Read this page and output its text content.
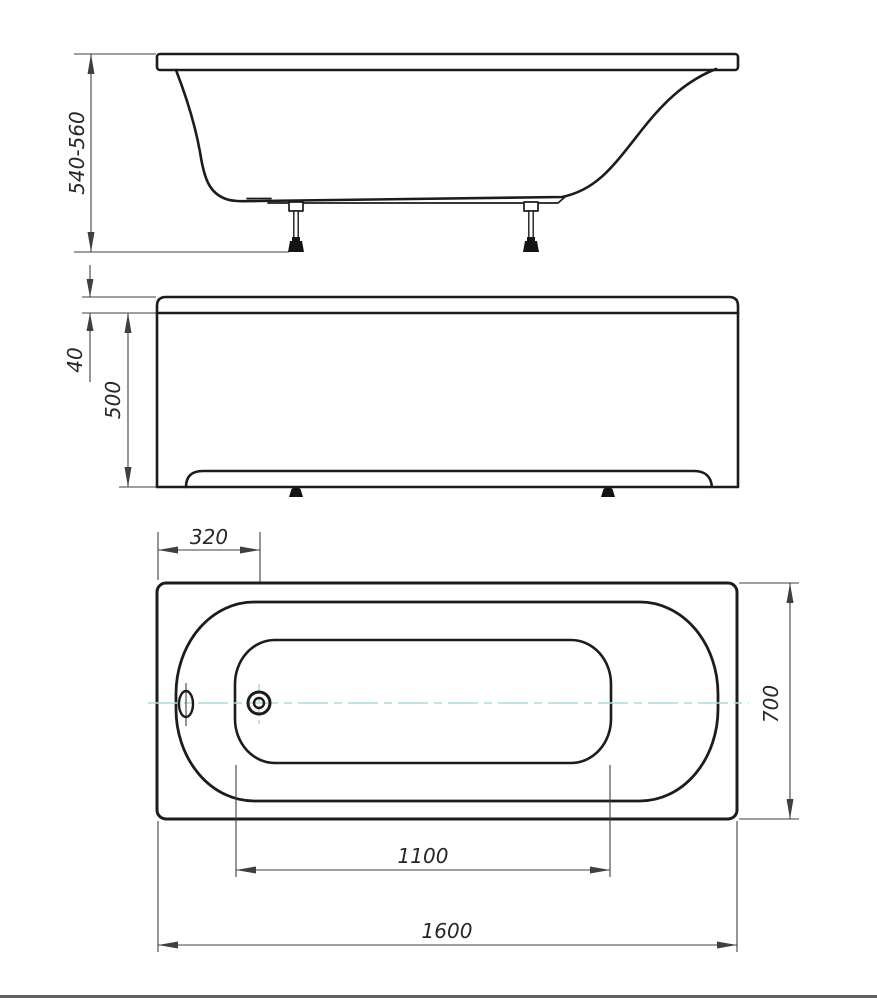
540-560
40
500
320
700
1100
1600
